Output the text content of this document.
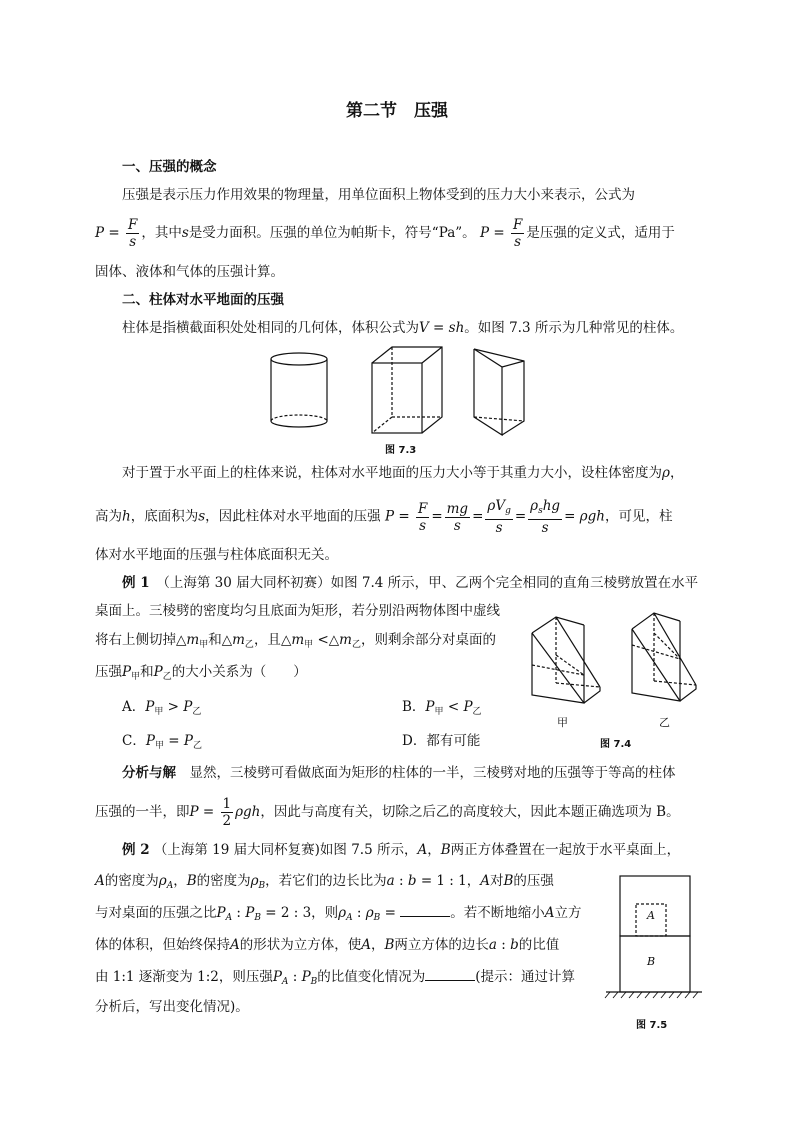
第二节　压强
一、压强的概念
压强是表示压力作用效果的物理量，用单位面积上物体受到的压力大小来表示，公式为
$P = \frac{F}{s}$ ，其中s是受力面积。压强的单位为帕斯卡，符号“Pa”。 $P = \frac{F}{s}$ 是压强的定义式，适用于
固体、液体和气体的压强计算。
二、柱体对水平地面的压强
柱体是指横截面积处处相同的几何体，体积公式为V = sh。如图 7.3 所示为几种常见的柱体。
图 7.3
对于置于水平面上的柱体来说，柱体对水平地面的压力大小等于其重力大小，设柱体密度为ρ，
高为h，底面积为s，因此柱体对水平地面的压强 $P = \frac{F}{s} = \frac{mg}{s} = \frac{\rho V_g}{s} = \frac{\rho_shg}{s} = \rho gh$，可见，柱
体对水平地面的压强与柱体底面积无关。
例 1　 （上海第 30 届大同杯初赛）如图 7.4 所示，甲、乙两个完全相同的直角三棱劈放置在水平
桌面上。三棱劈的密度均匀且底面为矩形，若分别沿两物体图中虚线
将右上侧切掉$\triangle m_甲$和$\triangle m_乙$，且$\triangle m_甲$ $<\triangle m_乙$，则剩余部分对桌面的
压强$P_甲$和$P_乙$的大小关系为（　　）
A．$P_甲 > P_乙$	B．$P_甲 < P_乙$
C．$P_甲 = P_乙$	D．都有可能
甲	乙
图 7.4
分析与解　显然，三棱劈可看做底面为矩形的柱体的一半，三棱劈对地的压强等于等高的柱体
压强的一半，即$P = \frac{1}{2}$ ρgh，因此与高度有关，切除之后乙的高度较大，因此本题正确选项为 B。
例 2 （上海第 19 届大同杯复赛)如图 7.5 所示，A，B两正方体叠置在一起放于水平桌面上，
A的密度为$\rho_A$，B的密度为$\rho_B$，若它们的边长比为a : b = 1 : 1，A对B的压强
与对桌面的压强之比$P_A$ : $P_B = 2$ : 3，则$\rho_A$ : $\rho_B$ =	。若不断地缩小A立方
体的体积，但始终保持A的形状为立方体，使A，B两立方体的边长a : b的比值
由 1:1 逐渐变为 1:2，则压强$P_A$ : $P_B$的比值变化情况为	(提示：通过计算
分析后，写出变化情况)。
A
B
图 7.5
